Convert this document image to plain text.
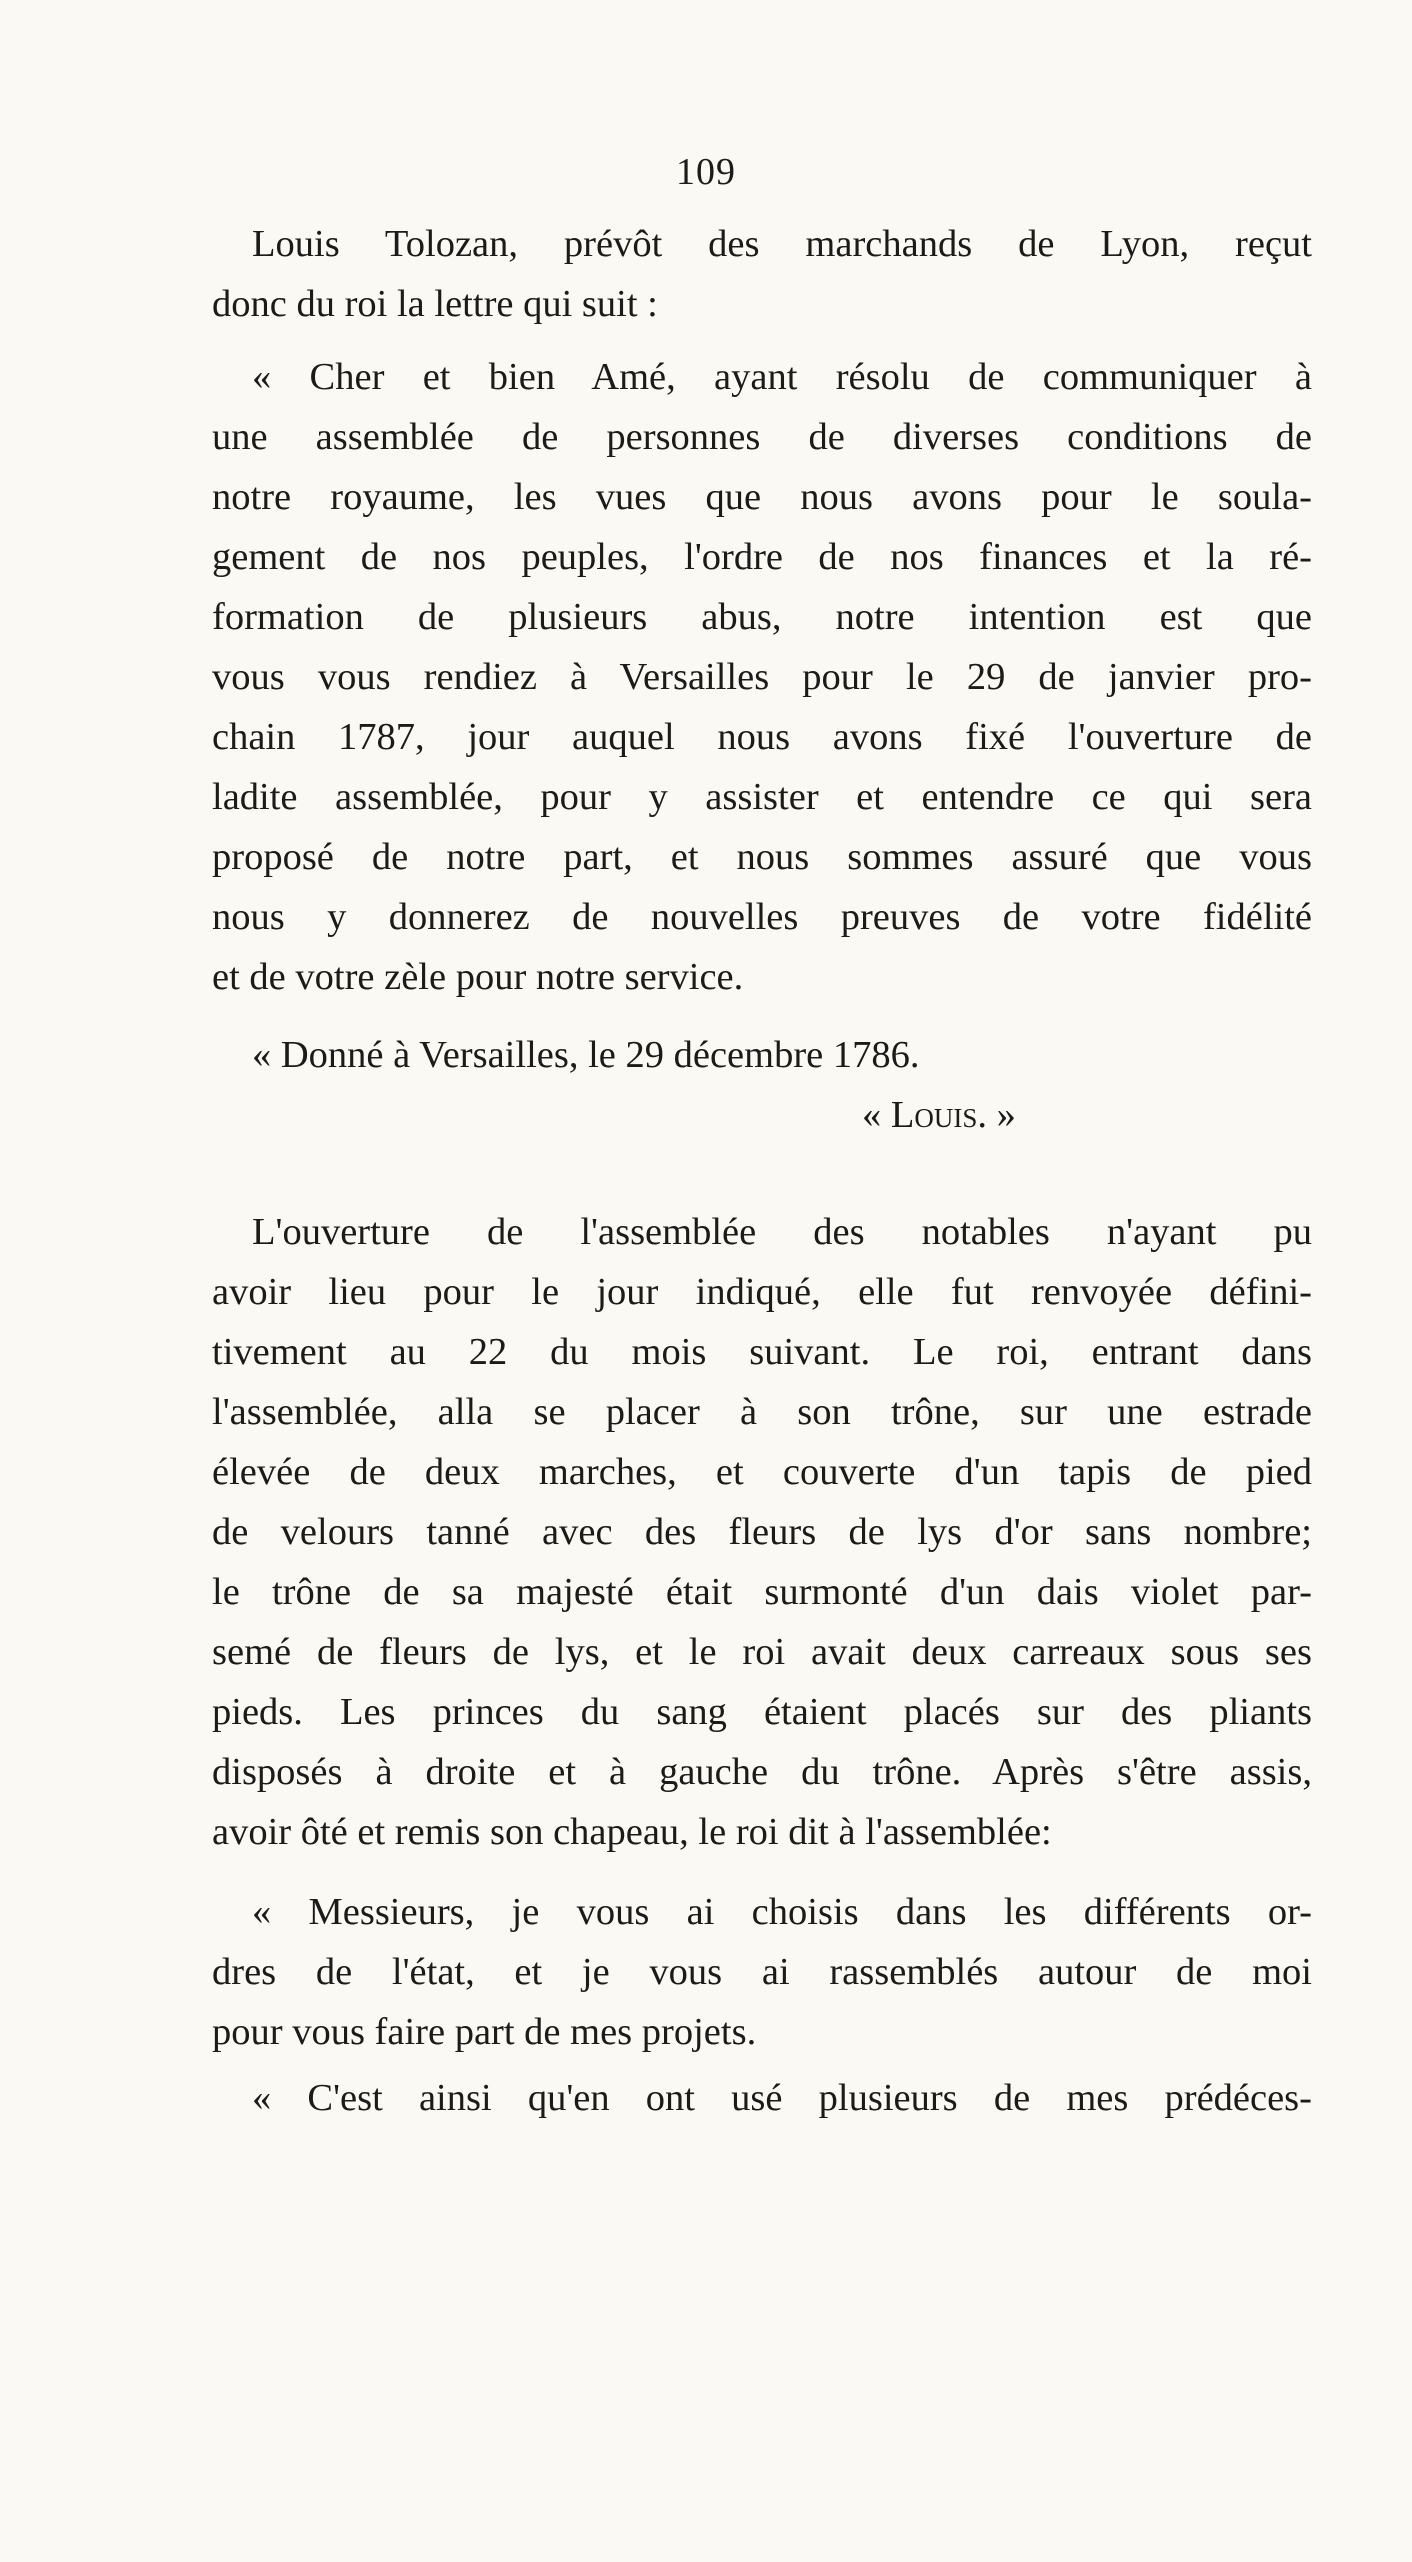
109

Louis Tolozan, prévôt des marchands de Lyon, reçut

donc du roi la lettre qui suit :

« Cher et bien Amé, ayant résolu de communiquer à

une assemblée de personnes de diverses conditions de

notre royaume, les vues que nous avons pour le soula-

gement de nos peuples, l'ordre de nos finances et la ré-

formation de plusieurs abus, notre intention est que

vous vous rendiez à Versailles pour le 29 de janvier pro-

chain 1787, jour auquel nous avons fixé l'ouverture de

ladite assemblée, pour y assister et entendre ce qui sera

proposé de notre part, et nous sommes assuré que vous

nous y donnerez de nouvelles preuves de votre fidélité

et de votre zèle pour notre service.

« Donné à Versailles, le 29 décembre 1786.

« Louis. »

L'ouverture de l'assemblée des notables n'ayant pu

avoir lieu pour le jour indiqué, elle fut renvoyée défini-

tivement au 22 du mois suivant. Le roi, entrant dans

l'assemblée, alla se placer à son trône, sur une estrade

élevée de deux marches, et couverte d'un tapis de pied

de velours tanné avec des fleurs de lys d'or sans nombre;

le trône de sa majesté était surmonté d'un dais violet par-

semé de fleurs de lys, et le roi avait deux carreaux sous ses

pieds. Les princes du sang étaient placés sur des pliants

disposés à droite et à gauche du trône. Après s'être assis,

avoir ôté et remis son chapeau, le roi dit à l'assemblée:

« Messieurs, je vous ai choisis dans les différents or-

dres de l'état, et je vous ai rassemblés autour de moi

pour vous faire part de mes projets.

« C'est ainsi qu'en ont usé plusieurs de mes prédéces-
